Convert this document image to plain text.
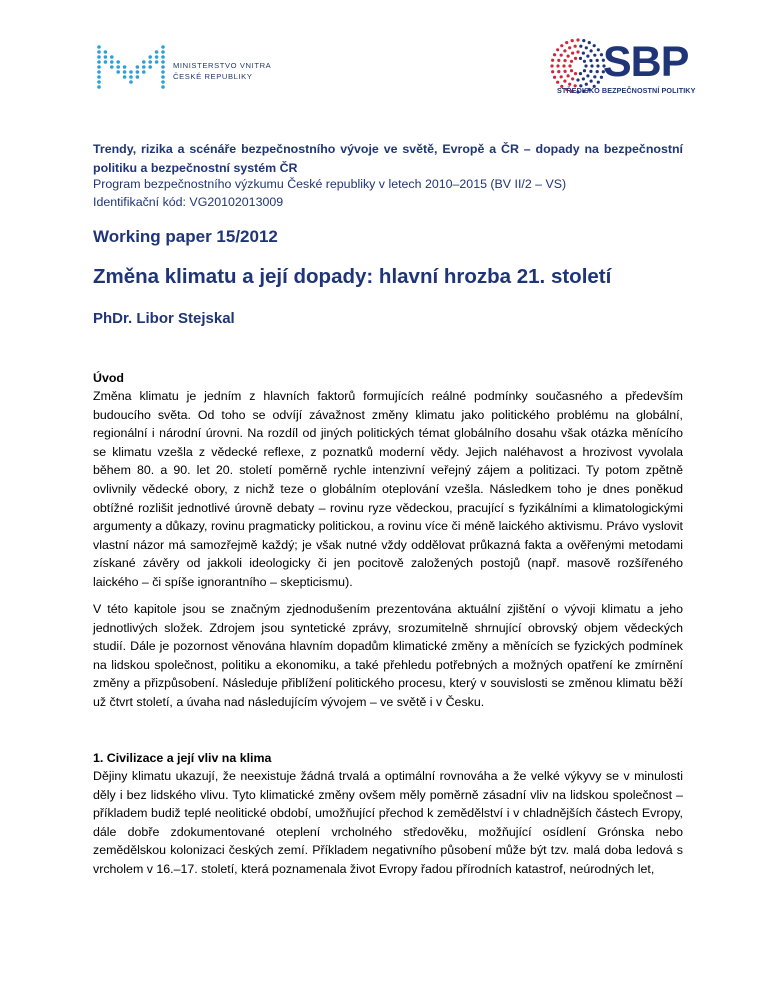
MINISTERSTVO VNITRA
ČESKÉ REPUBLIKY	SBP
STŘEDISKO BEZPEČNOSTNÍ POLITIKY
Trendy, rizika a scénáře bezpečnostního vývoje ve světě, Evropě a ČR – dopady na bezpečnostní politiku a bezpečnostní systém ČR
Program bezpečnostního výzkumu České republiky v letech 2010–2015 (BV II/2 – VS)
Identifikační kód: VG20102013009
Working paper 15/2012
Změna klimatu a její dopady: hlavní hrozba 21. století
PhDr. Libor Stejskal
Úvod
Změna klimatu je jedním z hlavních faktorů formujících reálné podmínky současného a především budoucího světa. Od toho se odvíjí závažnost změny klimatu jako politického problému na globální, regionální i národní úrovni. Na rozdíl od jiných politických témat globálního dosahu však otázka měnícího se klimatu vzešla z vědecké reflexe, z poznatků moderní vědy. Jejich naléhavost a hrozivost vyvolala během 80. a 90. let 20. století poměrně rychle intenzivní veřejný zájem a politizaci. Ty potom zpětně ovlivnily vědecké obory, z nichž teze o globálním oteplování vzešla. Následkem toho je dnes poněkud obtížné rozlišit jednotlivé úrovně debaty – rovinu ryze vědeckou, pracující s fyzikálními a klimatologickými argumenty a důkazy, rovinu pragmaticky politickou, a rovinu více či méně laického aktivismu. Právo vyslovit vlastní názor má samozřejmě každý; je však nutné vždy oddělovat průkazná fakta a ověřenými metodami získané závěry od jakkoli ideologicky či jen pocitově založených postojů (např. masově rozšířeného laického – či spíše ignorantního – skepticismu).
V této kapitole jsou se značným zjednodušením prezentována aktuální zjištění o vývoji klimatu a jeho jednotlivých složek. Zdrojem jsou syntetické zprávy, srozumitelně shrnující obrovský objem vědeckých studií. Dále je pozornost věnována hlavním dopadům klimatické změny a měnících se fyzických podmínek na lidskou společnost, politiku a ekonomiku, a také přehledu potřebných a možných opatření ke zmírnění změny a přizpůsobení. Následuje přiblížení politického procesu, který v souvislosti se změnou klimatu běží už čtvrt století, a úvaha nad následujícím vývojem – ve světě i v Česku.
1. Civilizace a její vliv na klima
Dějiny klimatu ukazují, že neexistuje žádná trvalá a optimální rovnováha a že velké výkyvy se v minulosti děly i bez lidského vlivu. Tyto klimatické změny ovšem měly poměrně zásadní vliv na lidskou společnost – příkladem budiž teplé neolitické období, umožňující přechod k zemědělství i v chladnějších částech Evropy, dále dobře zdokumentované oteplení vrcholného středověku, možňující osídlení Grónska nebo zemědělskou kolonizaci českých zemí. Příkladem negativního působení může být tzv. malá doba ledová s vrcholem v 16.–17. století, která poznamenala život Evropy řadou přírodních katastrof, neúrodných let,
